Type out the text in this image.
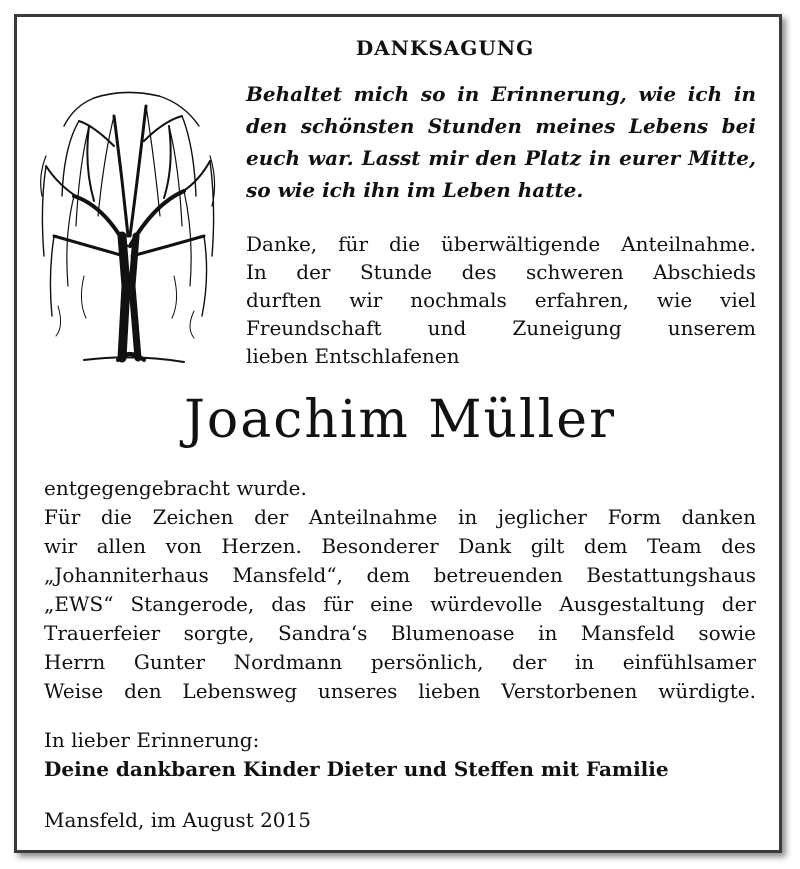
DANKSAGUNG
Behaltet mich so in Erinnerung, wie ich in
den schönsten Stunden meines Lebens bei
euch war. Lasst mir den Platz in eurer Mitte,
so wie ich ihn im Leben hatte.
Danke, für die überwältigende Anteilnahme.
In der Stunde des schweren Abschieds
durften wir nochmals erfahren, wie viel
Freundschaft und Zuneigung unserem
lieben Entschlafenen
Joachim Müller
entgegengebracht wurde.
Für die Zeichen der Anteilnahme in jeglicher Form danken
wir allen von Herzen. Besonderer Dank gilt dem Team des
„Johanniterhaus Mansfeld“, dem betreuenden Bestattungshaus
„EWS“ Stangerode, das für eine würdevolle Ausgestaltung der
Trauerfeier sorgte, Sandra‘s Blumenoase in Mansfeld sowie
Herrn Gunter Nordmann persönlich, der in einfühlsamer
Weise den Lebensweg unseres lieben Verstorbenen würdigte.
In lieber Erinnerung:
Deine dankbaren Kinder Dieter und Steffen mit Familie
Mansfeld, im August 2015
